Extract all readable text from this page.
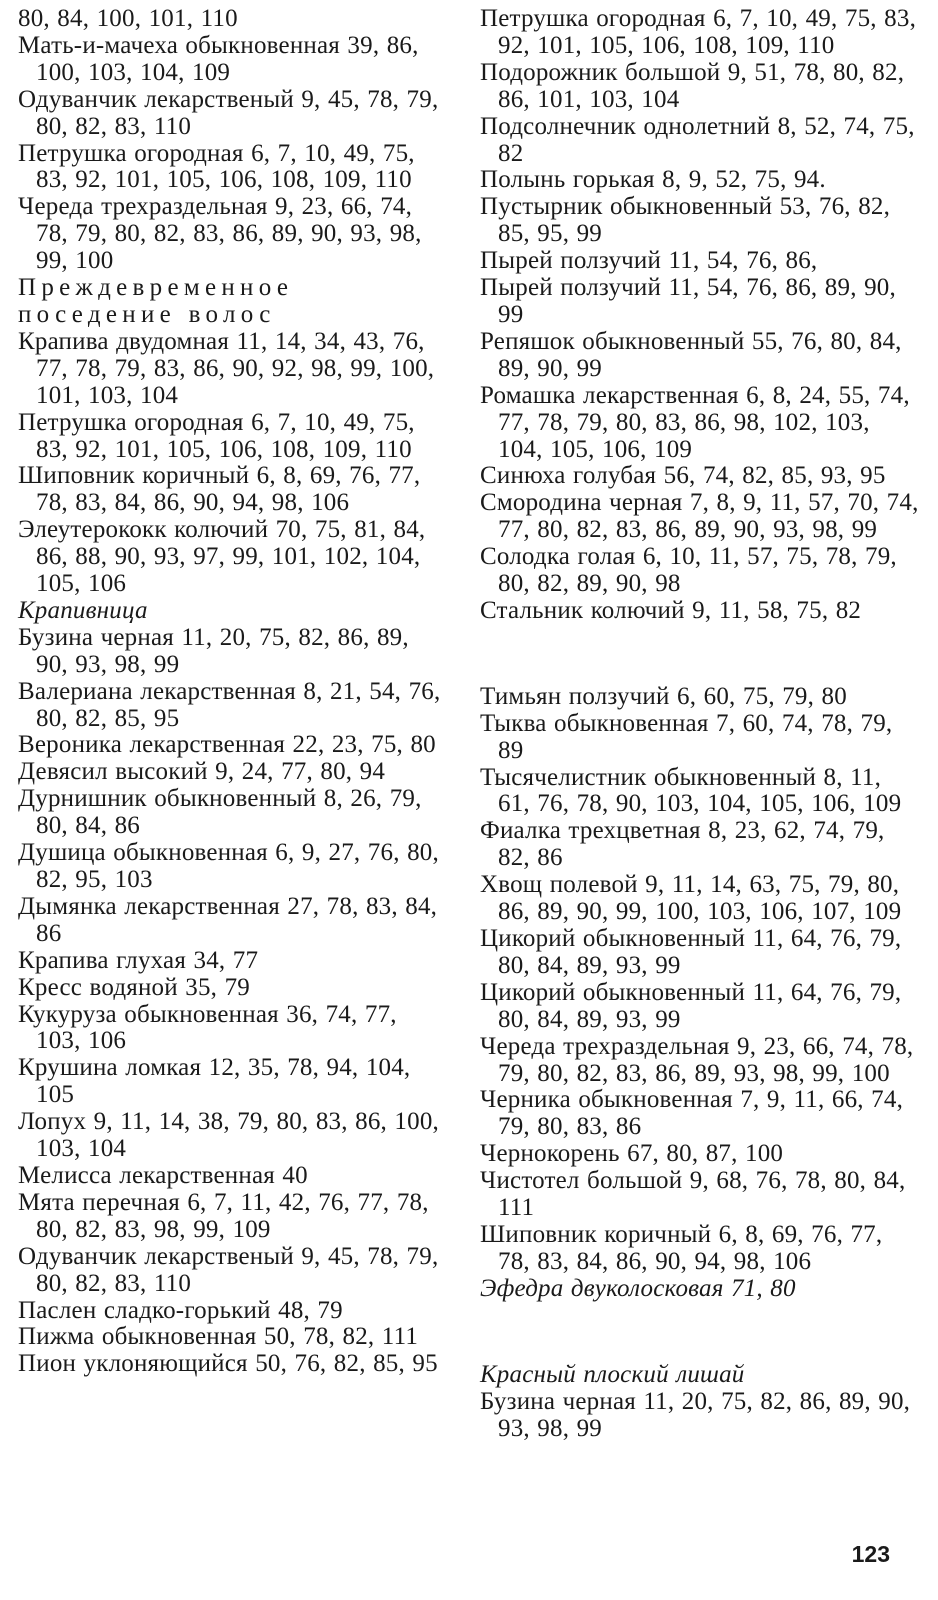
80, 84, 100, 101, 110

Мать-и-мачеха обыкновенная 39, 86, 100, 103, 104, 109

Одуванчик лекарственый 9, 45, 78, 79, 80, 82, 83, 110

Петрушка огородная 6, 7, 10, 49, 75, 83, 92, 101, 105, 106, 108, 109, 110

Череда трехраздельная 9, 23, 66, 74, 78, 79, 80, 82, 83, 86, 89, 90, 93, 98, 99, 100

Преждевременное поседение волос

Крапива двудомная 11, 14, 34, 43, 76, 77, 78, 79, 83, 86, 90, 92, 98, 99, 100, 101, 103, 104

Петрушка огородная 6, 7, 10, 49, 75, 83, 92, 101, 105, 106, 108, 109, 110

Шиповник коричный 6, 8, 69, 76, 77, 78, 83, 84, 86, 90, 94, 98, 106

Элеутерококк колючий 70, 75, 81, 84, 86, 88, 90, 93, 97, 99, 101, 102, 104, 105, 106

Крапивница

Бузина черная 11, 20, 75, 82, 86, 89, 90, 93, 98, 99

Валериана лекарственная 8, 21, 54, 76, 80, 82, 85, 95

Вероника лекарственная 22, 23, 75, 80

Девясил высокий 9, 24, 77, 80, 94

Дурнишник обыкновенный 8, 26, 79, 80, 84, 86

Душица обыкновенная 6, 9, 27, 76, 80, 82, 95, 103

Дымянка лекарственная 27, 78, 83, 84, 86

Крапива глухая 34, 77

Кресс водяной 35, 79

Кукуруза обыкновенная 36, 74, 77, 103, 106

Крушина ломкая 12, 35, 78, 94, 104, 105

Лопух 9, 11, 14, 38, 79, 80, 83, 86, 100, 103, 104

Мелисса лекарственная 40

Мята перечная 6, 7, 11, 42, 76, 77, 78, 80, 82, 83, 98, 99, 109

Одуванчик лекарственый 9, 45, 78, 79, 80, 82, 83, 110

Паслен сладко-горький 48, 79

Пижма обыкновенная 50, 78, 82, 111

Пион уклоняющийся 50, 76, 82, 85, 95

Петрушка огородная 6, 7, 10, 49, 75, 83, 92, 101, 105, 106, 108, 109, 110

Подорожник большой 9, 51, 78, 80, 82, 86, 101, 103, 104

Подсолнечник однолетний 8, 52, 74, 75, 82

Полынь горькая 8, 9, 52, 75, 94.

Пустырник обыкновенный 53, 76, 82, 85, 95, 99

Пырей ползучий 11, 54, 76, 86,

Пырей ползучий 11, 54, 76, 86, 89, 90, 99

Репяшок обыкновенный 55, 76, 80, 84, 89, 90, 99

Ромашка лекарственная 6, 8, 24, 55, 74, 77, 78, 79, 80, 83, 86, 98, 102, 103, 104, 105, 106, 109

Синюха голубая 56, 74, 82, 85, 93, 95

Смородина черная 7, 8, 9, 11, 57, 70, 74, 77, 80, 82, 83, 86, 89, 90, 93, 98, 99

Солодка голая 6, 10, 11, 57, 75, 78, 79, 80, 82, 89, 90, 98

Стальник колючий 9, 11, 58, 75, 82

Тимьян ползучий 6, 60, 75, 79, 80

Тыква обыкновенная 7, 60, 74, 78, 79, 89

Тысячелистник обыкновенный 8, 11, 61, 76, 78, 90, 103, 104, 105, 106, 109

Фиалка трехцветная 8, 23, 62, 74, 79, 82, 86

Хвощ полевой 9, 11, 14, 63, 75, 79, 80, 86, 89, 90, 99, 100, 103, 106, 107, 109

Цикорий обыкновенный 11, 64, 76, 79, 80, 84, 89, 93, 99

Цикорий обыкновенный 11, 64, 76, 79, 80, 84, 89, 93, 99

Череда трехраздельная 9, 23, 66, 74, 78, 79, 80, 82, 83, 86, 89, 93, 98, 99, 100

Черника обыкновенная 7, 9, 11, 66, 74, 79, 80, 83, 86

Чернокорень 67, 80, 87, 100

Чистотел большой 9, 68, 76, 78, 80, 84, 111

Шиповник коричный 6, 8, 69, 76, 77, 78, 83, 84, 86, 90, 94, 98, 106

Эфедра двуколосковая 71, 80

Красный плоский лишай

Бузина черная 11, 20, 75, 82, 86, 89, 90, 93, 98, 99

123
